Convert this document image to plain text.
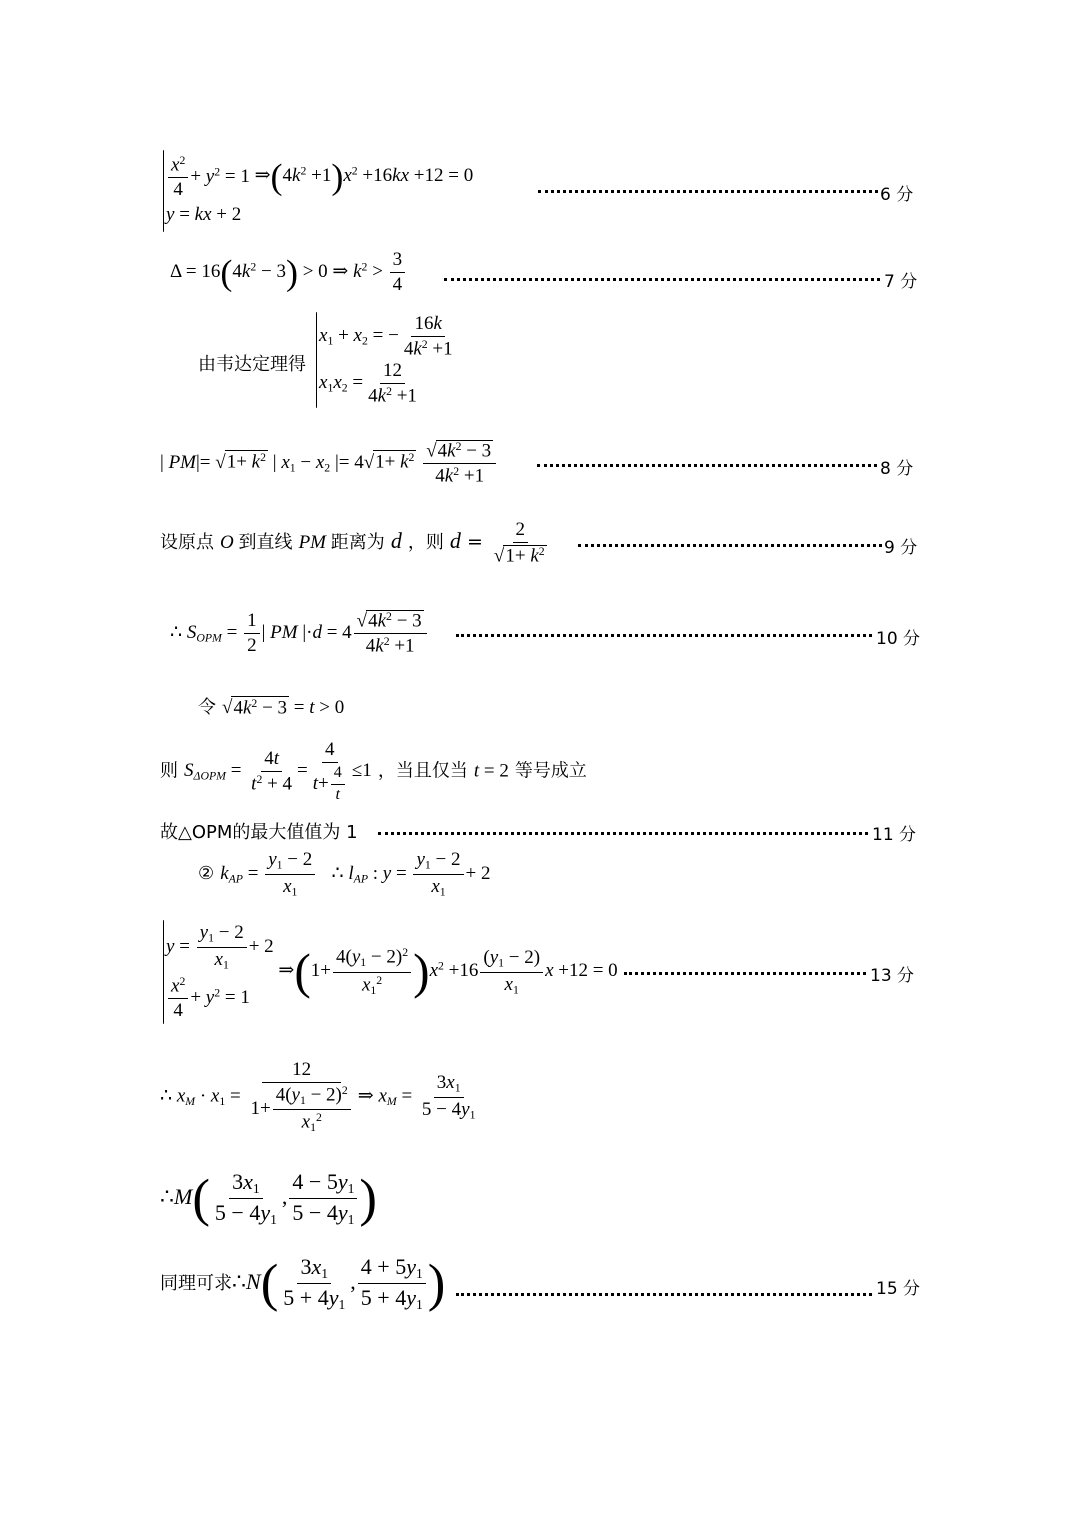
$\frac{x^2}{4} + y^2 = 1$
y = kx + 2
$\Rightarrow(4k^2 +1)x^2 +16kx +12 = 0$
6 分
$\Delta = 16(4k^2 - 3) > 0$ ⇒ $k^2 > \frac{3}{4}$	7 分
由韦达定理得
$x_1 + x_2$ = − $\frac{16k}{4k^2 +1}$
$x_1x_2 = \frac{12}{4k^2 +1}$
| $PM|= √1+ k^2$ | $x_1 - x_2$ |= $4√1+ k^2 \frac{√4k^2 - 3}{4k^2 +1}$	8 分
设原点 O 到直线 PM 距离为 d ，则 $d = \frac{2}{√1+ k^2}$	9 分
∴ $S_{OPM} = \frac{1}{2}$ | PM $|\cdot d = 4 \frac{√4k^2 - 3}{4k^2 +1}$	10 分
令 $√4k^2 - 3 = t > 0$
则 $S_{\Delta OPM} = \frac{4t}{t^2 + 4} = \frac{4}{t+ \frac{4}{t}} \le 1$ ，当且仅当 t = 2 等号成立
故△OPM的最大值值为 1	11 分
② $k_{AP} = \frac{y_1 - 2}{x_1}$ ∴ $l_{AP}$ : $y = \frac{y_1 - 2}{x_1} + 2$
$y = \frac{y_1 - 2}{x_1} + 2$
$\frac{x^2}{4} + y^2 = 1$
⇒(1+ $\frac{4(y_1 - 2)^2}{x_1^2} )x^2 +16 \frac{(y_1 - 2)}{x_1}$ x +12 = 0	13 分
∴ $x_M \cdot x_1 = \frac{12}{1+ \frac{4(y_1 - 2)^2}{x_1^2}}$ ⇒ $x_M = \frac{3x_1}{5 - 4y_1}$
∴M( $\frac{3x_1}{5 - 4y_1}$ , $\frac{4 - 5y_1}{5 - 4y_1}$ )
同理可求∴N( $\frac{3x_1}{5 + 4y_1}$ , $\frac{4 + 5y_1}{5 + 4y_1}$ )	15 分
